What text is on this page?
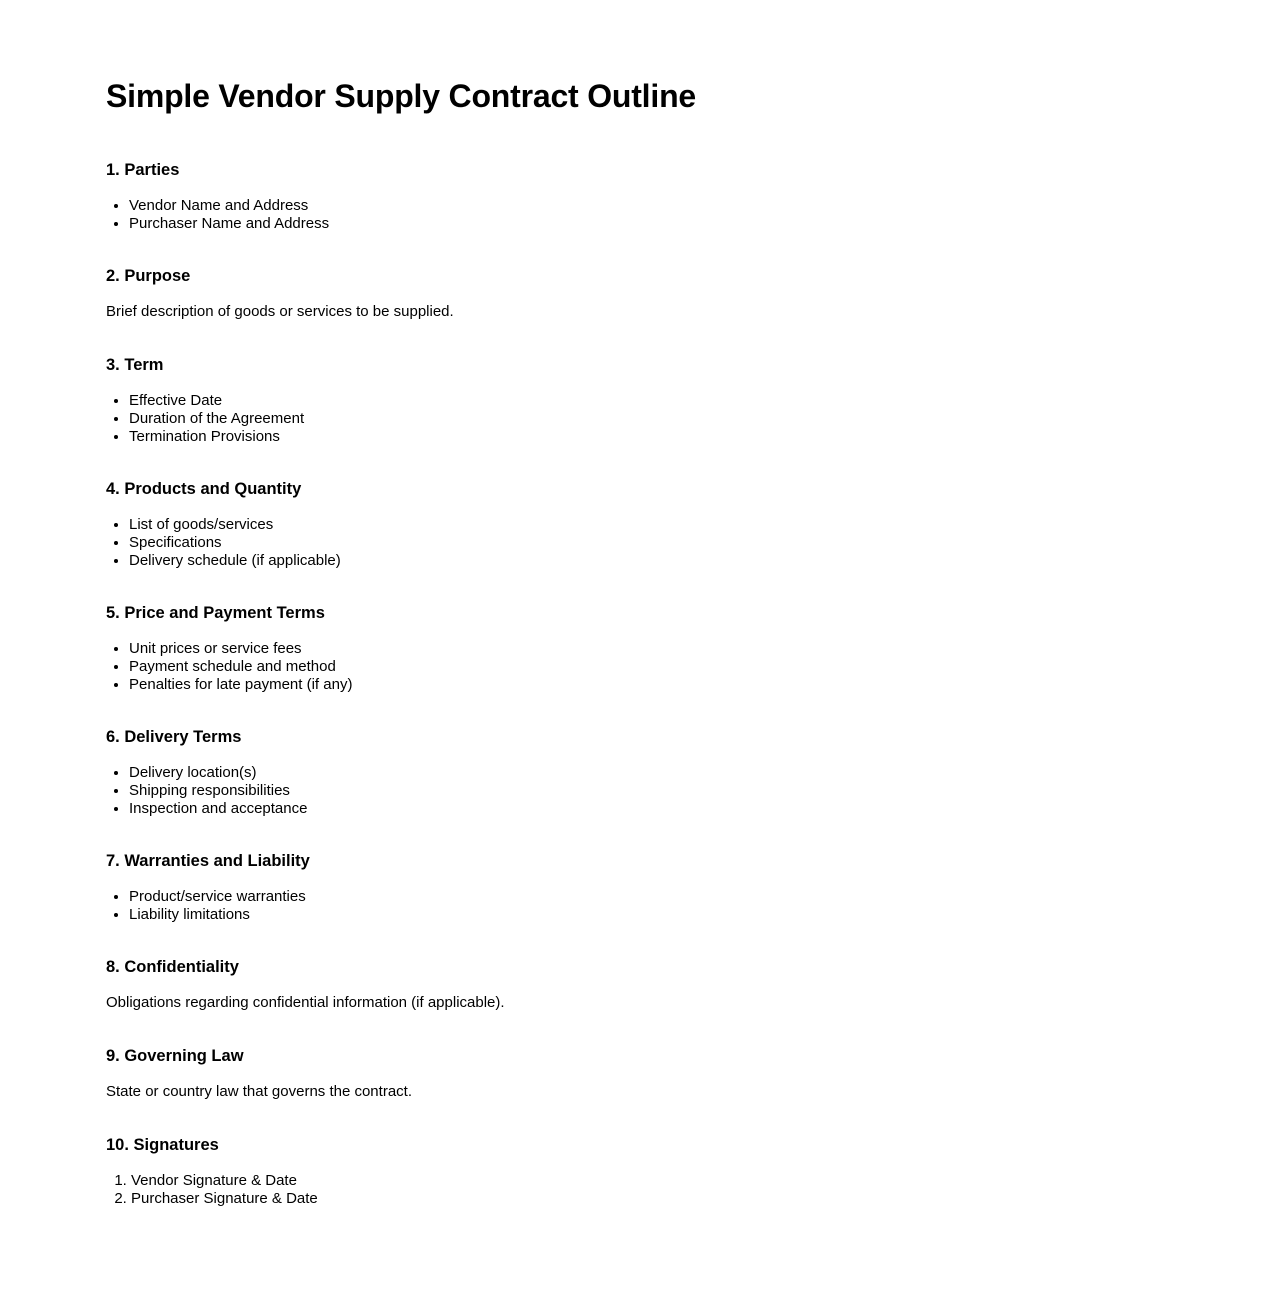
Simple Vendor Supply Contract Outline
1. Parties
• Vendor Name and Address
• Purchaser Name and Address
2. Purpose

Brief description of goods or services to be supplied.

3. Term
• Effective Date
• Duration of the Agreement
• Termination Provisions
4. Products and Quantity
• List of goods/services
• Specifications
• Delivery schedule (if applicable)
5. Price and Payment Terms
• Unit prices or service fees
• Payment schedule and method
• Penalties for late payment (if any)
6. Delivery Terms
• Delivery location(s)
• Shipping responsibilities
• Inspection and acceptance
7. Warranties and Liability
• Product/service warranties
• Liability limitations
8. Confidentiality

Obligations regarding confidential information (if applicable).

9. Governing Law

State or country law that governs the contract.

10. Signatures
1. Vendor Signature & Date
2. Purchaser Signature & Date
